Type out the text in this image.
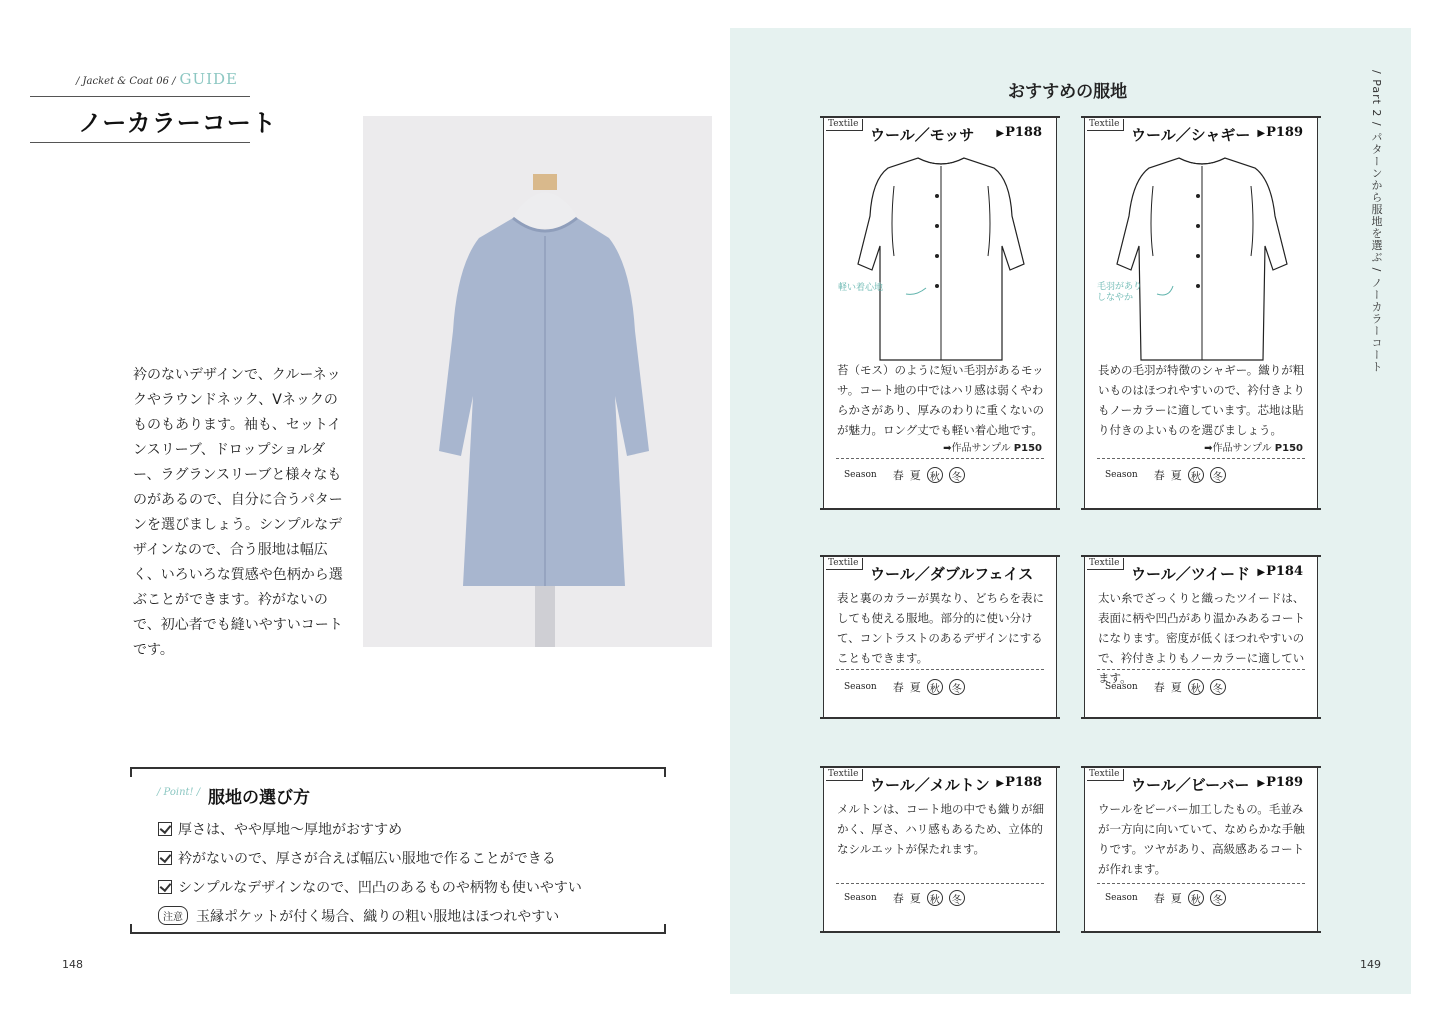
/ Jacket & Coat 06 / GUIDE
ノーカラーコート

衿のないデザインで、クルーネックやラウンドネック、Vネックのものもあります。袖も、セットインスリーブ、ドロップショルダー、ラグランスリーブと様々なものがあるので、自分に合うパターンを選びましょう。シンプルなデザインなので、合う服地は幅広く、いろいろな質感や色柄から選ぶことができます。衿がないので、初心者でも縫いやすいコートです。

/ Point! / 服地の選び方
厚さは、やや厚地〜厚地がおすすめ
衿がないので、厚さが合えば幅広い服地で作ることができる
シンプルなデザインなので、凹凸のあるものや柄物も使いやすい
注意 玉縁ポケットが付く場合、織りの粗い服地はほつれやすい
148
おすすめの服地	/ Part 2 / パターンから服地を選ぶ / ノーカラーコート
Textile
ウール／モッサ	▶ P188
軽い着心地

苔（モス）のように短い毛羽があるモッサ。コート地の中ではハリ感は弱くやわらかさがあり、厚みのわりに重くないのが魅力。ロング丈でも軽い着心地です。

➡作品サンプル P150
Season 春 夏 秋	冬
Textile
ウール／シャギー	▶ P189
毛羽があり
しなやか

長めの毛羽が特徴のシャギー。織りが粗いものはほつれやすいので、衿付きよりもノーカラーに適しています。芯地は貼り付きのよいものを選びましょう。

➡作品サンプル P150
Season 春 夏 秋	冬
Textile
ウール／ダブルフェイス

表と裏のカラーが異なり、どちらを表にしても使える服地。部分的に使い分けて、コントラストのあるデザインにすることもできます。

Season 春 夏 秋	冬
Textile
ウール／ツイード	▶ P184

太い糸でざっくりと織ったツイードは、表面に柄や凹凸があり温かみあるコートになります。密度が低くほつれやすいので、衿付きよりもノーカラーに適しています。

Season 春 夏 秋	冬
Textile
ウール／メルトン	▶ P188

メルトンは、コート地の中でも織りが細かく、厚さ、ハリ感もあるため、立体的なシルエットが保たれます。

Season 春 夏 秋	冬
Textile
ウール／ビーバー	▶ P189

ウールをビーバー加工したもの。毛並みが一方向に向いていて、なめらかな手触りです。ツヤがあり、高級感あるコートが作れます。

Season 春 夏 秋	冬
149
